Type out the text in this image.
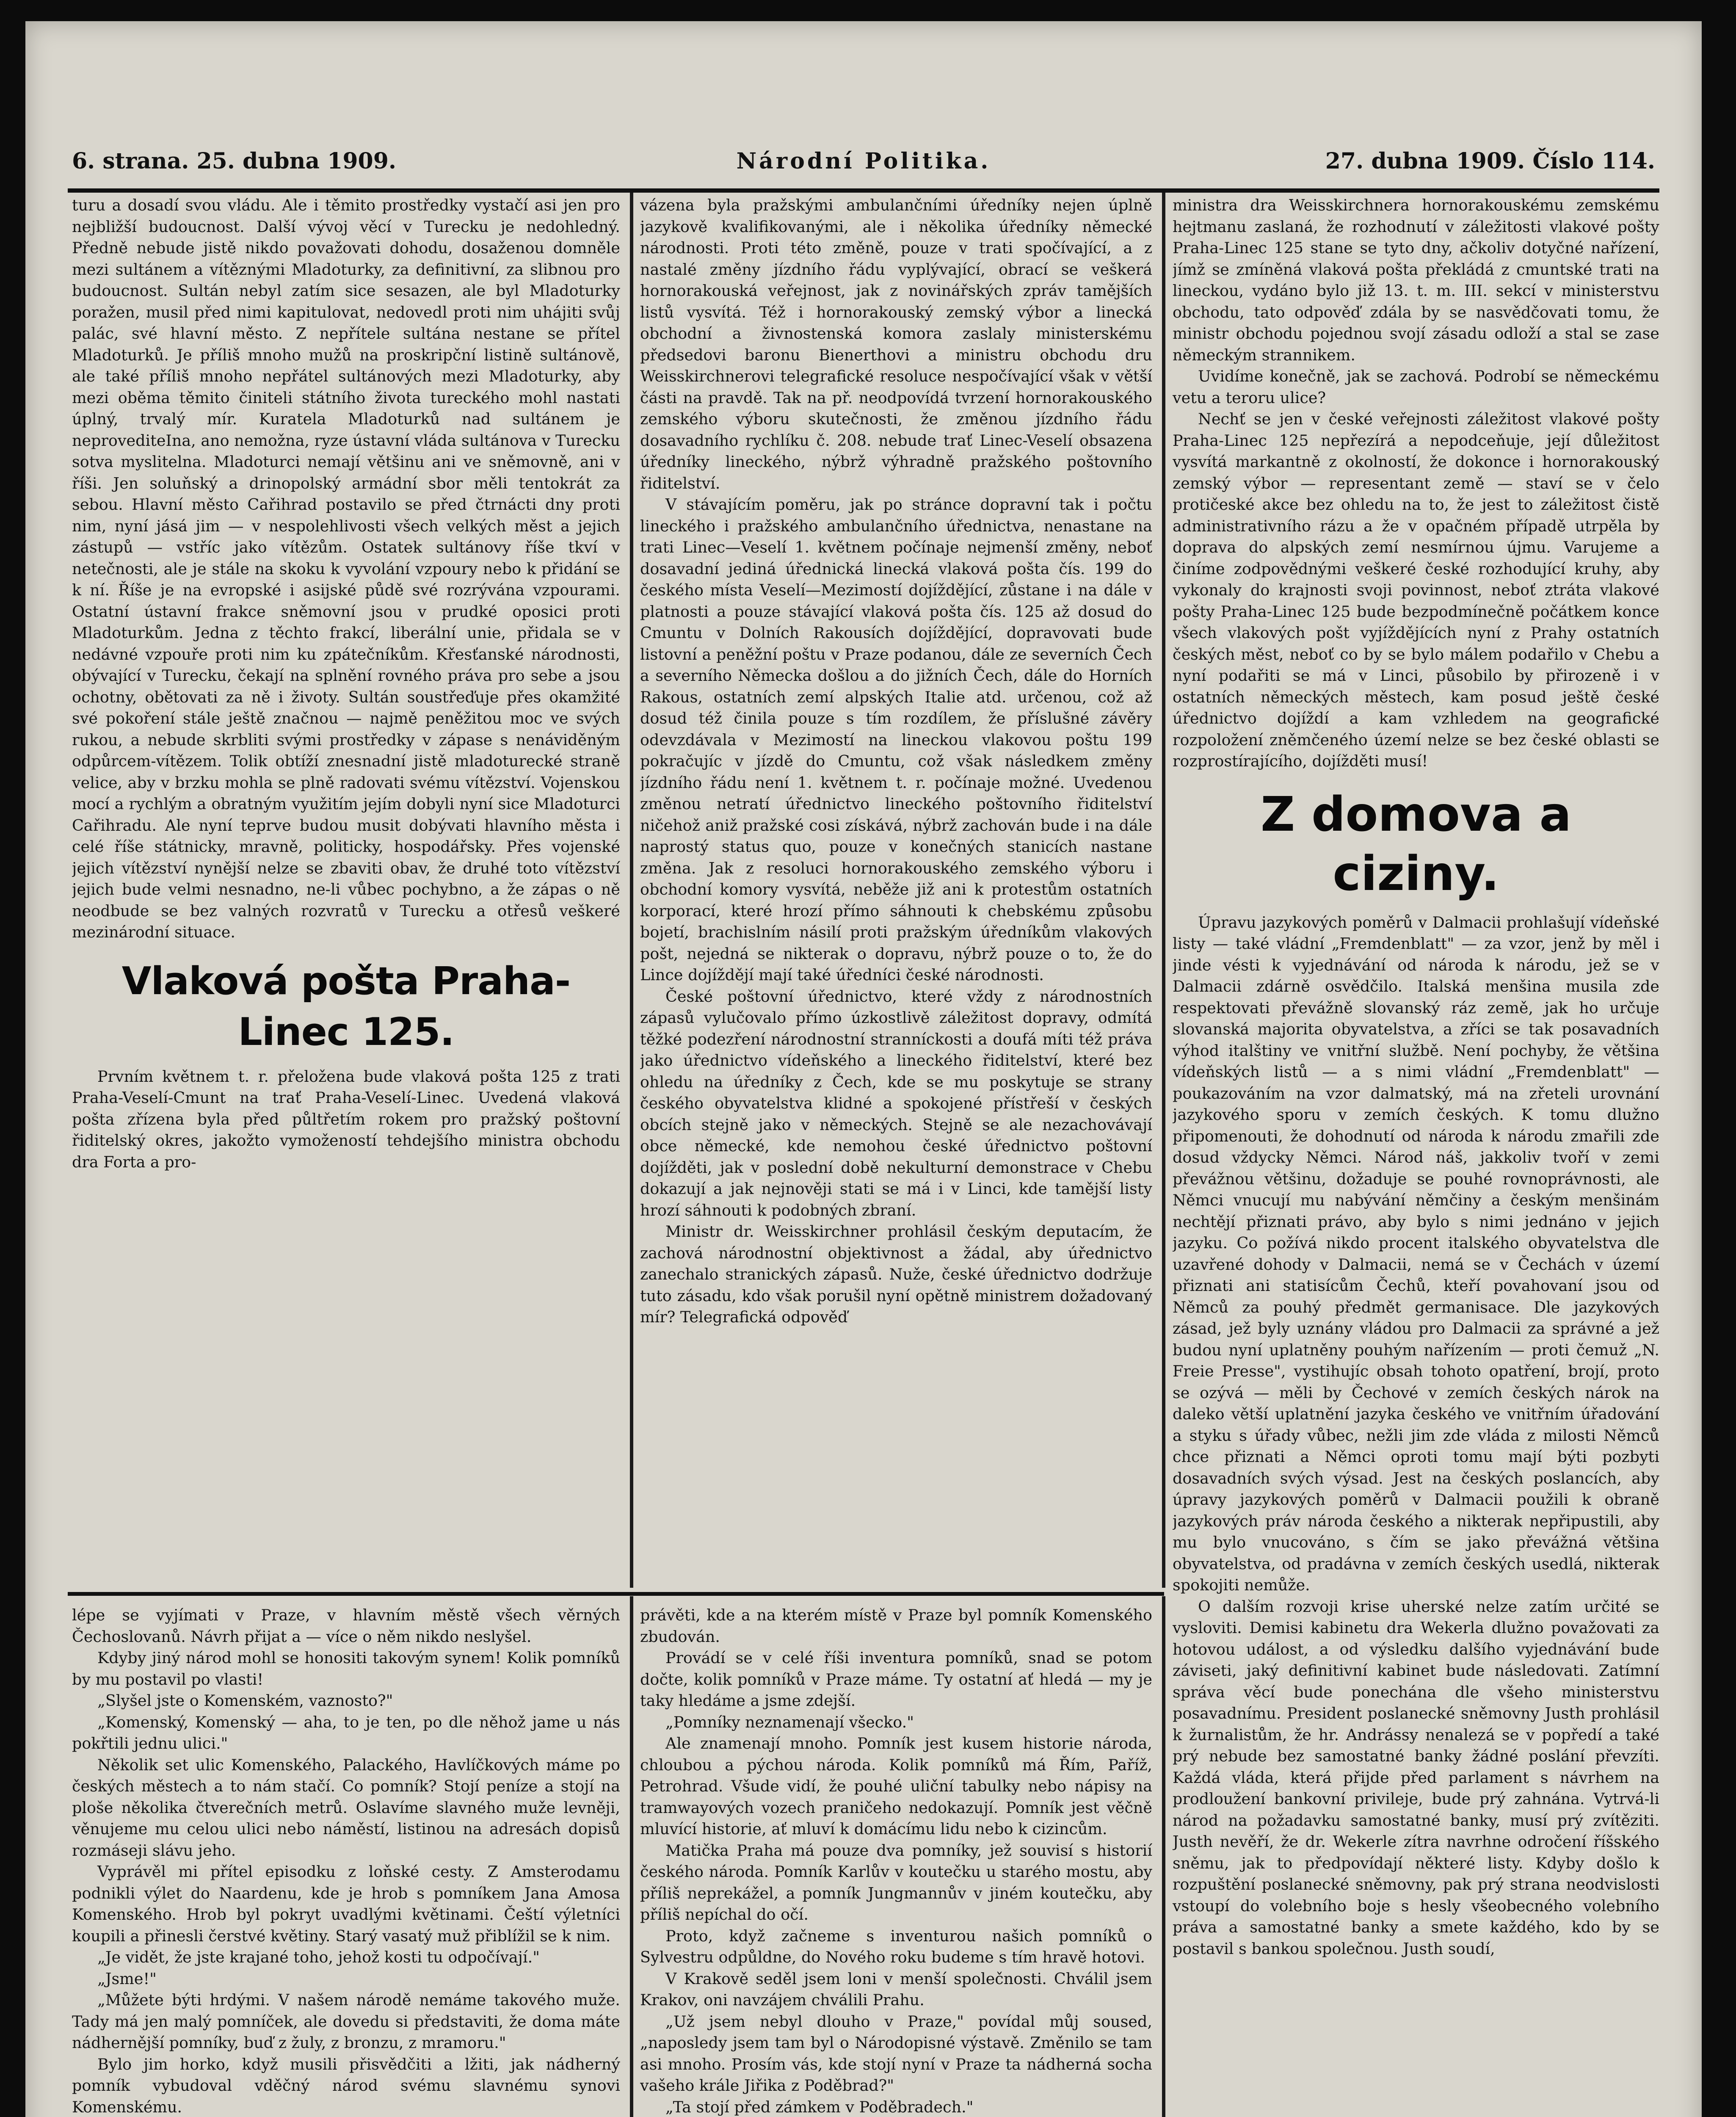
6. strana. 25. dubna 1909.	Národní Politika.	27. dubna 1909. Číslo 114.

turu a dosadí svou vládu. Ale i těmito prostředky vystačí asi jen pro nejbližší budoucnost. Další vývoj věcí v Turecku je nedohledný. Předně nebude jistě nikdo považovati dohodu, dosaženou domněle mezi sultánem a vítěznými Mladoturky, za definitivní, za slibnou pro budoucnost. Sultán nebyl zatím sice sesazen, ale byl Mladoturky poražen, musil před nimi kapitulovat, nedovedl proti nim uhájiti svůj palác, své hlavní město. Z nepřítele sultána nestane se přítel Mladoturků. Je příliš mnoho mužů na proskripční listině sultánově, ale také příliš mnoho nepřátel sultánových mezi Mladoturky, aby mezi oběma těmito činiteli státního života tureckého mohl nastati úplný, trvalý mír. Kuratela Mladoturků nad sultánem je neprovediteIna, ano nemožna, ryze ústavní vláda sultánova v Turecku sotva myslitelna. Mladoturci nemají většinu ani ve sněmovně, ani v říši. Jen soluňský a drinopolský armádní sbor měli tentokrát za sebou. Hlavní město Cařihrad postavilo se před čtrnácti dny proti nim, nyní jásá jim — v nespolehlivosti všech velkých měst a jejich zástupů — vstříc jako vítězům. Ostatek sultánovy říše tkví v netečnosti, ale je stále na skoku k vyvolání vzpoury nebo k přidání se k ní. Říše je na evropské i asijské půdě své rozrývána vzpourami. Ostatní ústavní frakce sněmovní jsou v prudké oposici proti Mladoturkům. Jedna z těchto frakcí, liberální unie, přidala se v nedávné vzpouře proti nim ku zpátečníkům. Křesťanské národnosti, obývající v Turecku, čekají na splnění rovného práva pro sebe a jsou ochotny, obětovati za ně i životy. Sultán soustřeďuje přes okamžité své pokoření stále ještě značnou — najmě peněžitou moc ve svých rukou, a nebude skrbliti svými prostředky v zápase s nenáviděným odpůrcem-vítězem. Tolik obtíží znesnadní jistě mladoturecké straně velice, aby v brzku mohla se plně radovati svému vítězství. Vojenskou mocí a rychlým a obratným využitím jejím dobyli nyní sice Mladoturci Cařihradu. Ale nyní teprve budou musit dobývati hlavního města i celé říše státnicky, mravně, politicky, hospodářsky. Přes vojenské jejich vítězství nynější nelze se zbaviti obav, že druhé toto vítězství jejich bude velmi nesnadno, ne-li vůbec pochybno, a že zápas o ně neodbude se bez valných rozvratů v Turecku a otřesů veškeré mezinárodní situace.

Vlaková pošta Praha-Linec 125.

Prvním květnem t. r. přeložena bude vlaková pošta 125 z trati Praha-Veselí-Cmunt na trať Praha-Veselí-Linec. Uvedená vlaková pošta zřízena byla před půltřetím rokem pro pražský poštovní řiditelský okres, jakožto vymožeností tehdejšího ministra obchodu dra Forta a pro-

vázena byla pražskými ambulančními úředníky nejen úplně jazykově kvalifikovanými, ale i několika úředníky německé národnosti. Proti této změně, pouze v trati spočívající, a z nastalé změny jízdního řádu vyplývající, obrací se veškerá hornorakouská veřejnost, jak z novinářských zpráv tamějších listů vysvítá. Též i hornorakouský zemský výbor a linecká obchodní a živnostenská komora zaslaly ministerskému předsedovi baronu Bienerthovi a ministru obchodu dru Weisskirchnerovi telegrafické resoluce nespočívající však v větší části na pravdě. Tak na př. neodpovídá tvrzení hornorakouského zemského výboru skutečnosti, že změnou jízdního řádu dosavadního rychlíku č. 208. nebude trať Linec-Veselí obsazena úředníky lineckého, nýbrž výhradně pražského poštovního řiditelství.

V stávajícím poměru, jak po stránce dopravní tak i počtu lineckého i pražského ambulančního úřednictva, nenastane na trati Linec—Veselí 1. květnem počínaje nejmenší změny, neboť dosavadní jediná úřednická linecká vlaková pošta čís. 199 do českého místa Veselí—Mezimostí dojíždějící, zůstane i na dále v platnosti a pouze stávající vlaková pošta čís. 125 až dosud do Cmuntu v Dolních Rakousích dojíždějící, dopravovati bude listovní a peněžní poštu v Praze podanou, dále ze severních Čech a severního Německa došlou a do jižních Čech, dále do Horních Rakous, ostatních zemí alpských Italie atd. určenou, což až dosud též činila pouze s tím rozdílem, že příslušné závěry odevzdávala v Mezimostí na lineckou vlakovou poštu 199 pokračujíc v jízdě do Cmuntu, což však následkem změny jízdního řádu není 1. květnem t. r. počínaje možné. Uvedenou změnou netratí úřednictvo lineckého poštovního řiditelství ničehož aniž pražské cosi získává, nýbrž zachován bude i na dále naprostý status quo, pouze v konečných stanicích nastane změna. Jak z resoluci hornorakouského zemského výboru i obchodní komory vysvítá, neběže již ani k protestům ostatních korporací, které hrozí přímo sáhnouti k chebskému způsobu bojetí, brachislním násilí proti pražským úředníkům vlakových pošt, nejedná se nikterak o dopravu, nýbrž pouze o to, že do Lince dojíždějí mají také úředníci české národnosti.

České poštovní úřednictvo, které vždy z národnostních zápasů vylučovalo přímo úzkostlivě záležitost dopravy, odmítá těžké podezření národnostní stranníckosti a doufá míti též práva jako úřednictvo vídeňského a lineckého řiditelství, které bez ohledu na úředníky z Čech, kde se mu poskytuje se strany českého obyvatelstva klidné a spokojené přístřeší v českých obcích stejně jako v německých. Stejně se ale nezachovávají obce německé, kde nemohou české úřednictvo poštovní dojížděti, jak v poslední době nekulturní demonstrace v Chebu dokazují a jak nejnověji stati se má i v Linci, kde tamější listy hrozí sáhnouti k podobných zbraní.

Ministr dr. Weisskirchner prohlásil českým deputacím, že zachová národnostní objektivnost a žádal, aby úřednictvo zanechalo stranických zápasů. Nuže, české úřednictvo dodržuje tuto zásadu, kdo však porušil nyní opětně ministrem dožadovaný mír? Telegrafická odpověď

ministra dra Weisskirchnera hornorakouskému zemskému hejtmanu zaslaná, že rozhodnutí v záležitosti vlakové pošty Praha-Linec 125 stane se tyto dny, ačkoliv dotyčné nařízení, jímž se zmíněná vlaková pošta překládá z cmuntské trati na lineckou, vydáno bylo již 13. t. m. III. sekcí v ministerstvu obchodu, tato odpověď zdála by se nasvědčovati tomu, že ministr obchodu pojednou svojí zásadu odloží a stal se zase německým strannikem.

Uvidíme konečně, jak se zachová. Podrobí se německému vetu a teroru ulice?

Nechť se jen v české veřejnosti záležitost vlakové pošty Praha-Linec 125 nepřezírá a nepodceňuje, její důležitost vysvítá markantně z okolností, že dokonce i hornorakouský zemský výbor — representant země — staví se v čelo protičeské akce bez ohledu na to, že jest to záležitost čistě administrativního rázu a že v opačném případě utrpěla by doprava do alpských zemí nesmírnou újmu. Varujeme a činíme zodpovědnými veškeré české rozhodující kruhy, aby vykonaly do krajnosti svoji povinnost, neboť ztráta vlakové pošty Praha-Linec 125 bude bezpodmínečně počátkem konce všech vlakových pošt vyjíždějících nyní z Prahy ostatních českých měst, neboť co by se bylo málem podařilo v Chebu a nyní podařiti se má v Linci, působilo by přirozeně i v ostatních německých městech, kam posud ještě české úřednictvo dojíždí a kam vzhledem na geografické rozpoložení zněmčeného území nelze se bez české oblasti se rozprostírajícího, dojížděti musí!

Z domova a ciziny.

Úpravu jazykových poměrů v Dalmacii prohlašují vídeňské listy — také vládní „Fremdenblatt" — za vzor, jenž by měl i jinde vésti k vyjednávání od národa k národu, jež se v Dalmacii zdárně osvědčilo. Italská menšina musila zde respektovati převážně slovanský ráz země, jak ho určuje slovanská majorita obyvatelstva, a zříci se tak posavadních výhod italštiny ve vnitřní službě. Není pochyby, že většina vídeňských listů — a s nimi vládní „Fremdenblatt" — poukazováním na vzor dalmatský, má na zřeteli urovnání jazykového sporu v zemích českých. K tomu dlužno připomenouti, že dohodnutí od národa k národu zmařili zde dosud vždycky Němci. Národ náš, jakkoliv tvoří v zemi převážnou většinu, dožaduje se pouhé rovnoprávnosti, ale Němci vnucují mu nabývání němčiny a českým menšinám nechtějí přiznati právo, aby bylo s nimi jednáno v jejich jazyku. Co požívá nikdo procent italského obyvatelstva dle uzavřené dohody v Dalmacii, nemá se v Čechách v území přiznati ani statisícům Čechů, kteří povahovaní jsou od Němců za pouhý předmět germanisace. Dle jazykových zásad, jež byly uznány vládou pro Dalmacii za správné a jež budou nyní uplatněny pouhým nařízením — proti čemuž „N. Freie Presse", vystihujíc obsah tohoto opatření, brojí, proto se ozývá — měli by Čechové v zemích českých nárok na daleko větší uplatnění jazyka českého ve vnitřním úřadování a styku s úřady vůbec, nežli jim zde vláda z milosti Němců chce přiznati a Němci oproti tomu mají býti pozbyti dosavadních svých výsad. Jest na českých poslancích, aby úpravy jazykových poměrů v Dalmacii použili k obraně jazykových práv národa českého a nikterak nepřipustili, aby mu bylo vnucováno, s čím se jako převážná většina obyvatelstva, od pradávna v zemích českých usedlá, nikterak spokojiti nemůže.

O dalším rozvoji krise uherské nelze zatím určité se vysloviti. Demisi kabinetu dra Wekerla dlužno považovati za hotovou událost, a od výsledku dalšího vyjednávání bude záviseti, jaký definitivní kabinet bude následovati. Zatímní správa věcí bude ponechána dle všeho ministerstvu posavadnímu. President poslanecké sněmovny Justh prohlásil k žurnalistům, že hr. Andrássy nenalezá se v popředí a také prý nebude bez samostatné banky žádné poslání převzíti. Každá vláda, která přijde před parlament s návrhem na prodloužení bankovní privileje, bude prý zahnána. Vytrvá-li národ na požadavku samostatné banky, musí prý zvítěziti. Justh nevěří, že dr. Wekerle zítra navrhne odročení říšského sněmu, jak to předpovídají některé listy. Kdyby došlo k rozpuštění poslanecké sněmovny, pak prý strana neodvislosti vstoupí do volebního boje s hesly všeobecného volebního práva a samostatné banky a smete každého, kdo by se postavil s bankou společnou. Justh soudí,

lépe se vyjímati v Praze, v hlavním městě všech věrných Čechoslovanů. Návrh přijat a — více o něm nikdo neslyšel.

Kdyby jiný národ mohl se honositi takovým synem! Kolik pomníků by mu postavil po vlasti!

„Slyšel jste o Komenském, vaznosto?"

„Komenský, Komenský — aha, to je ten, po dle něhož jame u nás pokřtili jednu ulici."

Několik set ulic Komenského, Palackého, Havlíčkových máme po českých městech a to nám stačí. Co pomník? Stojí peníze a stojí na ploše několika čtverečních metrů. Oslavíme slavného muže levněji, věnujeme mu celou ulici nebo náměstí, listinou na adresách dopisů rozmáseji slávu jeho.

Vyprávěl mi přítel episodku z loňské cesty. Z Amsterodamu podnikli výlet do Naardenu, kde je hrob s pomníkem Jana Amosa Komenského. Hrob byl pokryt uvadlými květinami. Čeští výletníci koupili a přinesli čerstvé květiny. Starý vasatý muž přiblížil se k nim.

„Je vidět, že jste krajané toho, jehož kosti tu odpočívají."

„Jsme!"

„Můžete býti hrdými. V našem národě nemáme takového muže. Tady má jen malý pomníček, ale dovedu si představiti, že doma máte nádhernější pomníky, buď z žuly, z bronzu, z mramoru."

Bylo jim horko, když musili přisvědčiti a lžiti, jak nádherný pomník vybudoval vděčný národ svému slavnému synovi Komenskému.

právěti, kde a na kterém místě v Praze byl pomník Komenského zbudován.

Provádí se v celé říši inventura pomníků, snad se potom dočte, kolik pomníků v Praze máme. Ty ostatní ať hledá — my je taky hledáme a jsme zdejší.

„Pomníky neznamenají všecko."

Ale znamenají mnoho. Pomník jest kusem historie národa, chloubou a pýchou národa. Kolik pomníků má Řím, Paříž, Petrohrad. Všude vidí, že pouhé uliční tabulky nebo nápisy na tramwayových vozech praničeho nedokazují. Pomník jest věčně mluvící historie, ať mluví k domácímu lidu nebo k cizincům.

Matička Praha má pouze dva pomníky, jež souvisí s historií českého národa. Pomník Karlův v koutečku u starého mostu, aby příliš neprekážel, a pomník Jungmannův v jiném koutečku, aby příliš nepíchal do očí.

Proto, když začneme s inventurou našich pomníků o Sylvestru odpůldne, do Nového roku budeme s tím hravě hotovi.

V Krakově seděl jsem loni v menší společnosti. Chválil jsem Krakov, oni navzájem chválili Prahu.

„Už jsem nebyl dlouho v Praze," povídal můj soused, „naposledy jsem tam byl o Národopisné výstavě. Změnilo se tam asi mnoho. Prosím vás, kde stojí nyní v Praze ta nádherná socha vašeho krále Jiřika z Poděbrad?"

„Ta stojí před zámkem v Poděbradech."
